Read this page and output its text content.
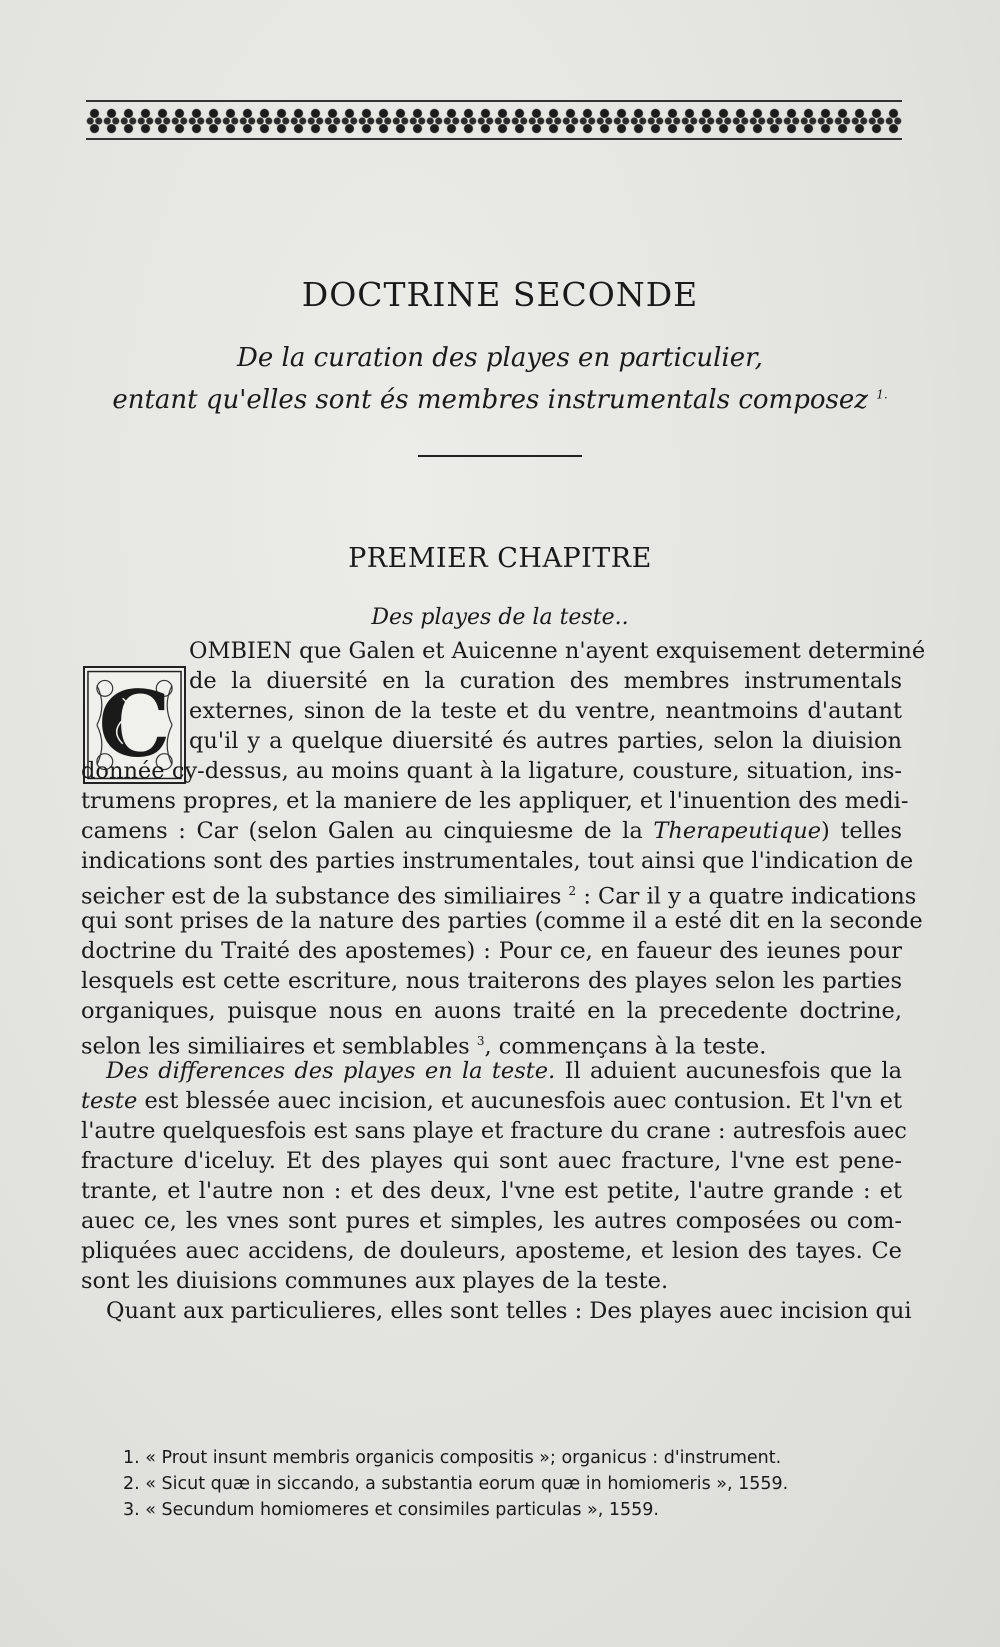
DOCTRINE SECONDE
De la curation des playes en particulier,
entant qu'elles sont és membres instrumentals composez $^{1.}$
PREMIER CHAPITRE
Des playes de la teste..
C
OMBIEN que Galen et Auicenne n'ayent exquisement determiné
de la diuersité en la curation des membres instrumentals
externes, sinon de la teste et du ventre, neantmoins d'autant
qu'il y a quelque diuersité és autres parties, selon la diuision
donnée cy-dessus, au moins quant à la ligature, cousture, situation, ins-
trumens propres, et la maniere de les appliquer, et l'inuention des medi-
camens : Car (selon Galen au cinquiesme de la Therapeutique) telles
indications sont des parties instrumentales, tout ainsi que l'indication de
seicher est de la substance des similiaires $^2$ : Car il y a quatre indications
qui sont prises de la nature des parties (comme il a esté dit en la seconde
doctrine du Traité des apostemes) : Pour ce, en faueur des ieunes pour
lesquels est cette escriture, nous traiterons des playes selon les parties
organiques, puisque nous en auons traité en la precedente doctrine,
selon les similiaires et semblables $^3$, commençans à la teste.
Des differences des playes en la teste. Il aduient aucunesfois que la
teste est blessée auec incision, et aucunesfois auec contusion. Et l'vn et
l'autre quelquesfois est sans playe et fracture du crane : autresfois auec
fracture d'iceluy. Et des playes qui sont auec fracture, l'vne est pene-
trante, et l'autre non : et des deux, l'vne est petite, l'autre grande : et
auec ce, les vnes sont pures et simples, les autres composées ou com-
pliquées auec accidens, de douleurs, aposteme, et lesion des tayes. Ce
sont les diuisions communes aux playes de la teste.
Quant aux particulieres, elles sont telles : Des playes auec incision qui
1. « Prout insunt membris organicis compositis »; organicus : d'instrument.
2. « Sicut quæ in siccando, a substantia eorum quæ in homiomeris », 1559.
3. « Secundum homiomeres et consimiles particulas », 1559.
